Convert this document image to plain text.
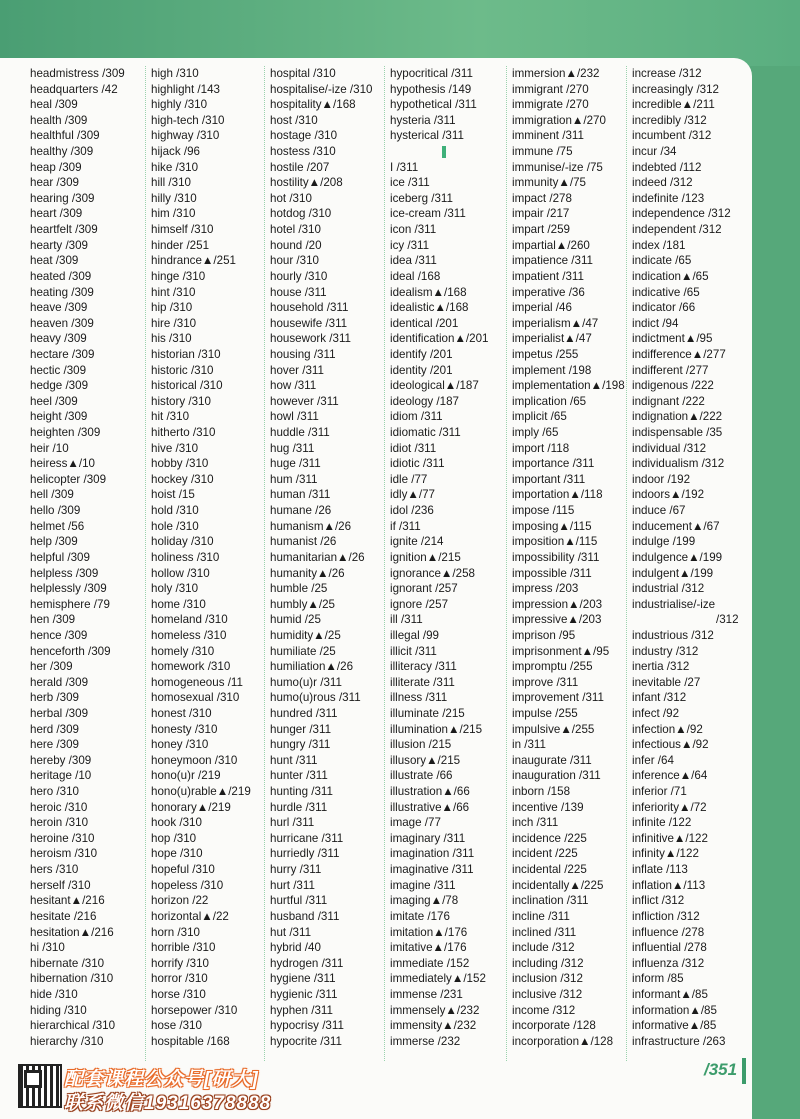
headmistress /309
headquarters /42
heal /309
health /309
healthful /309
healthy /309
heap /309
hear /309
hearing /309
heart /309
heartfelt /309
hearty /309
heat /309
heated /309
heating /309
heave /309
heaven /309
heavy /309
hectare /309
hectic /309
hedge /309
heel /309
height /309
heighten /309
heir /10
heiress▲/10
helicopter /309
hell /309
hello /309
helmet /56
help /309
helpful /309
helpless /309
helplessly /309
hemisphere /79
hen /309
hence /309
henceforth /309
her /309
herald /309
herb /309
herbal /309
herd /309
here /309
hereby /309
heritage /10
hero /310
heroic /310
heroin /310
heroine /310
heroism /310
hers /310
herself /310
hesitant▲/216
hesitate /216
hesitation▲/216
hi /310
hibernate /310
hibernation /310
hide /310
hiding /310
hierarchical /310
hierarchy /310
high /310
highlight /143
highly /310
high-tech /310
highway /310
hijack /96
hike /310
hill /310
hilly /310
him /310
himself /310
hinder /251
hindrance▲/251
hinge /310
hint /310
hip /310
hire /310
his /310
historian /310
historic /310
historical /310
history /310
hit /310
hitherto /310
hive /310
hobby /310
hockey /310
hoist /15
hold /310
hole /310
holiday /310
holiness /310
hollow /310
holy /310
home /310
homeland /310
homeless /310
homely /310
homework /310
homogeneous /11
homosexual /310
honest /310
honesty /310
honey /310
honeymoon /310
hono(u)r /219
hono(u)rable▲/219
honorary▲/219
hook /310
hop /310
hope /310
hopeful /310
hopeless /310
horizon /22
horizontal▲/22
horn /310
horrible /310
horrify /310
horror /310
horse /310
horsepower /310
hose /310
hospitable /168
hospital /310
hospitalise/-ize /310
hospitality▲/168
host /310
hostage /310
hostess /310
hostile /207
hostility▲/208
hot /310
hotdog /310
hotel /310
hound /20
hour /310
hourly /310
house /311
household /311
housewife /311
housework /311
housing /311
hover /311
how /311
however /311
howl /311
huddle /311
hug /311
huge /311
hum /311
human /311
humane /26
humanism▲/26
humanist /26
humanitarian▲/26
humanity▲/26
humble /25
humbly▲/25
humid /25
humidity▲/25
humiliate /25
humiliation▲/26
humo(u)r /311
humo(u)rous /311
hundred /311
hunger /311
hungry /311
hunt /311
hunter /311
hunting /311
hurdle /311
hurl /311
hurricane /311
hurriedly /311
hurry /311
hurt /311
hurtful /311
husband /311
hut /311
hybrid /40
hydrogen /311
hygiene /311
hygienic /311
hyphen /311
hypocrisy /311
hypocrite /311
hypocritical /311
hypothesis /149
hypothetical /311
hysteria /311
hysterical /311
I /311
ice /311
iceberg /311
ice-cream /311
icon /311
icy /311
idea /311
ideal /168
idealism▲/168
idealistic▲/168
identical /201
identification▲/201
identify /201
identity /201
ideological▲/187
ideology /187
idiom /311
idiomatic /311
idiot /311
idiotic /311
idle /77
idly▲/77
idol /236
if /311
ignite /214
ignition▲/215
ignorance▲/258
ignorant /257
ignore /257
ill /311
illegal /99
illicit /311
illiteracy /311
illiterate /311
illness /311
illuminate /215
illumination▲/215
illusion /215
illusory▲/215
illustrate /66
illustration▲/66
illustrative▲/66
image /77
imaginary /311
imagination /311
imaginative /311
imagine /311
imaging▲/78
imitate /176
imitation▲/176
imitative▲/176
immediate /152
immediately▲/152
immense /231
immensely▲/232
immensity▲/232
immerse /232
immersion▲/232
immigrant /270
immigrate /270
immigration▲/270
imminent /311
immune /75
immunise/-ize /75
immunity▲/75
impact /278
impair /217
impart /259
impartial▲/260
impatience /311
impatient /311
imperative /36
imperial /46
imperialism▲/47
imperialist▲/47
impetus /255
implement /198
implementation▲/198
implication /65
implicit /65
imply /65
import /118
importance /311
important /311
importation▲/118
impose /115
imposing▲/115
imposition▲/115
impossibility /311
impossible /311
impress /203
impression▲/203
impressive▲/203
imprison /95
imprisonment▲/95
impromptu /255
improve /311
improvement /311
impulse /255
impulsive▲/255
in /311
inaugurate /311
inauguration /311
inborn /158
incentive /139
inch /311
incidence /225
incident /225
incidental /225
incidentally▲/225
inclination /311
incline /311
inclined /311
include /312
including /312
inclusion /312
inclusive /312
income /312
incorporate /128
incorporation▲/128
increase /312
increasingly /312
incredible▲/211
incredibly /312
incumbent /312
incur /34
indebted /112
indeed /312
indefinite /123
independence /312
independent /312
index /181
indicate /65
indication▲/65
indicative /65
indicator /66
indict /94
indictment▲/95
indifference▲/277
indifferent /277
indigenous /222
indignant /222
indignation▲/222
indispensable /35
individual /312
individualism /312
indoor /192
indoors▲/192
induce /67
inducement▲/67
indulge /199
indulgence▲/199
indulgent▲/199
industrial /312
industrialise/-ize
/312
industrious /312
industry /312
inertia /312
inevitable /27
infant /312
infect /92
infection▲/92
infectious▲/92
infer /64
inference▲/64
inferior /71
inferiority▲/72
infinite /122
infinitive▲/122
infinity▲/122
inflate /113
inflation▲/113
inflict /312
infliction /312
influence /278
influential /278
influenza /312
inform /85
informant▲/85
information▲/85
informative▲/85
infrastructure /263
配套课程公众号[研大]
联系微信19316378888
/351
